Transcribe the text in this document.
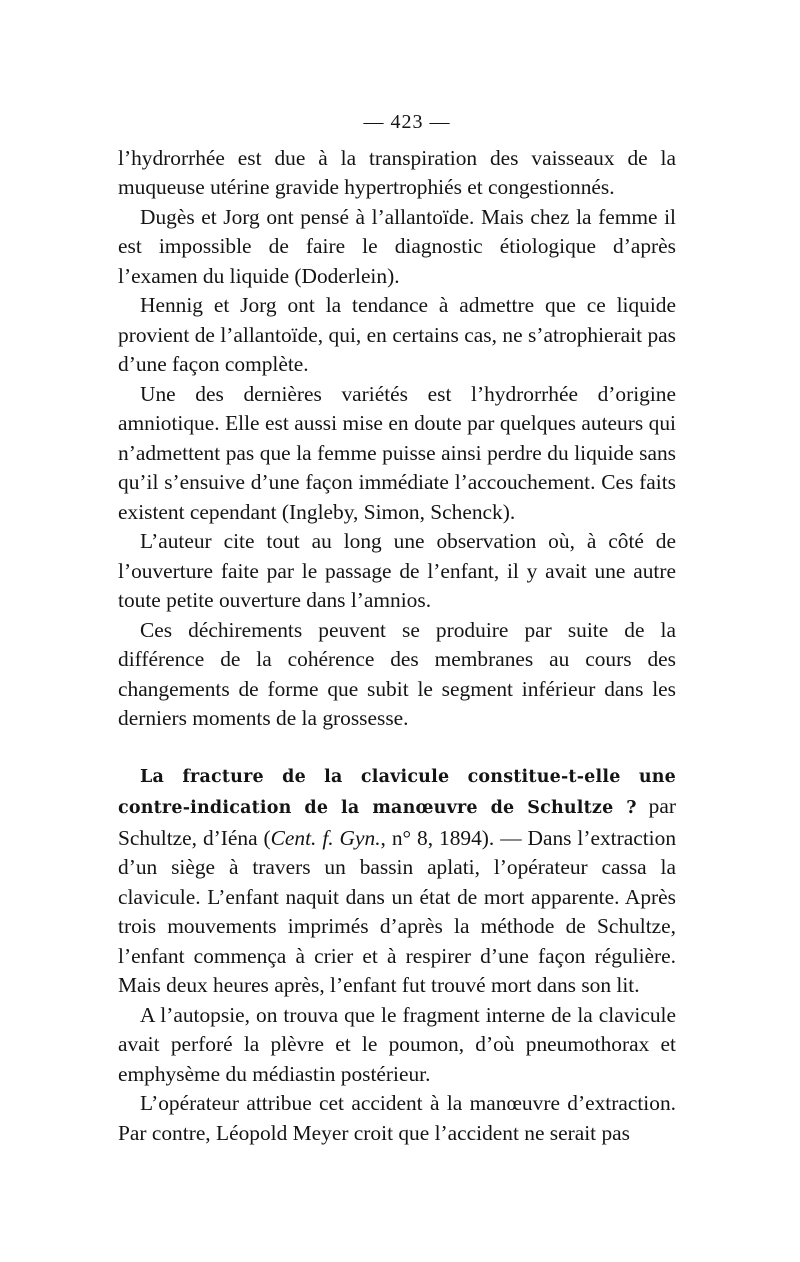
— 423 —

l’hydrorrhée est due à la transpiration des vaisseaux de la muqueuse utérine gravide hypertrophiés et congestionnés.

Dugès et Jorg ont pensé à l’allantoïde. Mais chez la femme il est impossible de faire le diagnostic étiologique d’après l’examen du liquide (Doderlein).

Hennig et Jorg ont la tendance à admettre que ce liquide provient de l’allantoïde, qui, en certains cas, ne s’atrophierait pas d’une façon complète.

Une des dernières variétés est l’hydrorrhée d’origine amniotique. Elle est aussi mise en doute par quelques auteurs qui n’admettent pas que la femme puisse ainsi perdre du liquide sans qu’il s’ensuive d’une façon immédiate l’accouchement. Ces faits existent cependant (Ingleby, Simon, Schenck).

L’auteur cite tout au long une observation où, à côté de l’ouverture faite par le passage de l’enfant, il y avait une autre toute petite ouverture dans l’amnios.

Ces déchirements peuvent se produire par suite de la différence de la cohérence des membranes au cours des changements de forme que subit le segment inférieur dans les derniers moments de la grossesse.

La fracture de la clavicule constitue-t-elle une contre-indication de la manœuvre de Schultze ? par Schultze, d’Iéna (Cent. f. Gyn., n° 8, 1894). — Dans l’extraction d’un siège à travers un bassin aplati, l’opérateur cassa la clavicule. L’enfant naquit dans un état de mort apparente. Après trois mouvements imprimés d’après la méthode de Schultze, l’enfant commença à crier et à respirer d’une façon régulière. Mais deux heures après, l’enfant fut trouvé mort dans son lit.

A l’autopsie, on trouva que le fragment interne de la clavicule avait perforé la plèvre et le poumon, d’où pneumothorax et emphysème du médiastin postérieur.

L’opérateur attribue cet accident à la manœuvre d’extraction. Par contre, Léopold Meyer croit que l’accident ne serait pas
